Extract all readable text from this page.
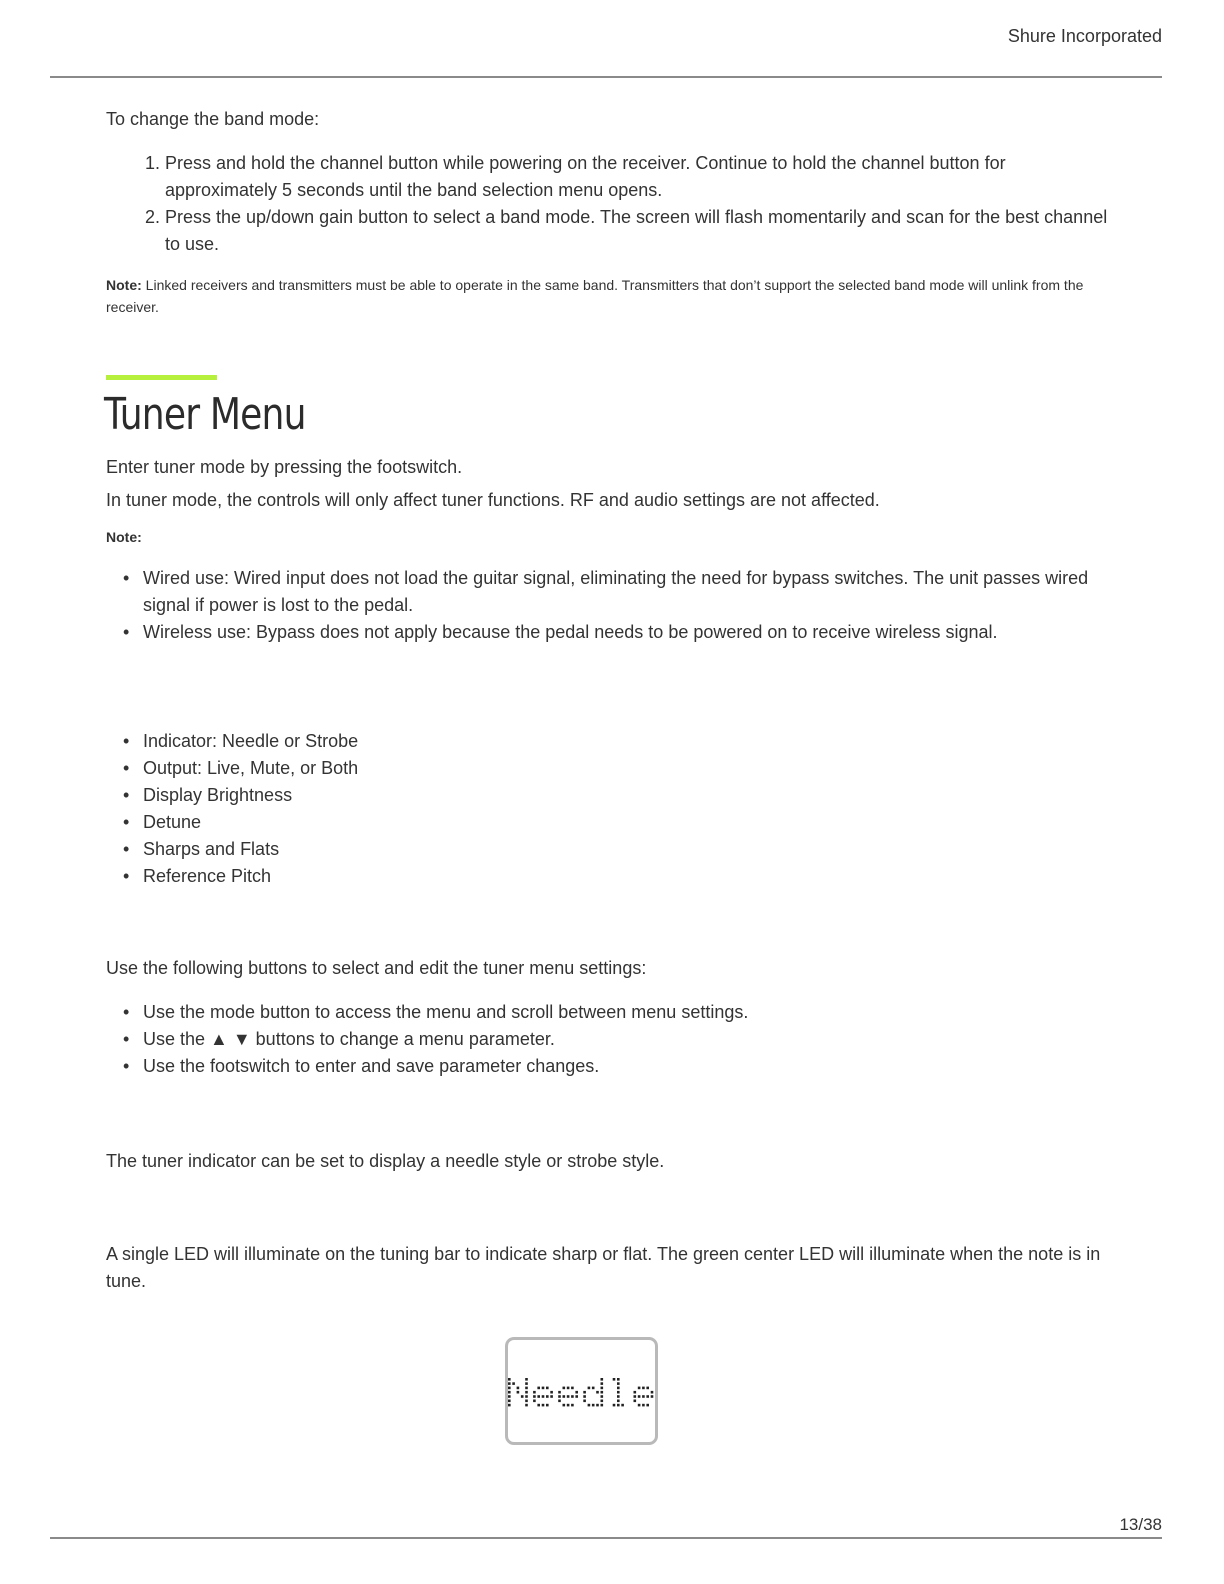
Shure Incorporated

To change the band mode:

1. Press and hold the channel button while powering on the receiver. Continue to hold the channel button for approximately 5 seconds until the band selection menu opens.
2. Press the up/down gain button to select a band mode. The screen will flash momentarily and scan for the best channel to use.

Note: Linked receivers and transmitters must be able to operate in the same band. Transmitters that don’t support the selected band mode will unlink from the receiver.

Tuner Menu

Enter tuner mode by pressing the footswitch.

In tuner mode, the controls will only affect tuner functions. RF and audio settings are not affected.

Note:

• Wired use: Wired input does not load the guitar signal, eliminating the need for bypass switches. The unit passes wired signal if power is lost to the pedal.
• Wireless use: Bypass does not apply because the pedal needs to be powered on to receive wireless signal.
• Indicator: Needle or Strobe
• Output: Live, Mute, or Both
• Display Brightness
• Detune
• Sharps and Flats
• Reference Pitch

Use the following buttons to select and edit the tuner menu settings:

• Use the mode button to access the menu and scroll between menu settings.
• Use the ▲ ▼ buttons to change a menu parameter.
• Use the footswitch to enter and save parameter changes.

The tuner indicator can be set to display a needle style or strobe style.

A single LED will illuminate on the tuning bar to indicate sharp or flat. The green center LED will illuminate when the note is in tune.

13/38
